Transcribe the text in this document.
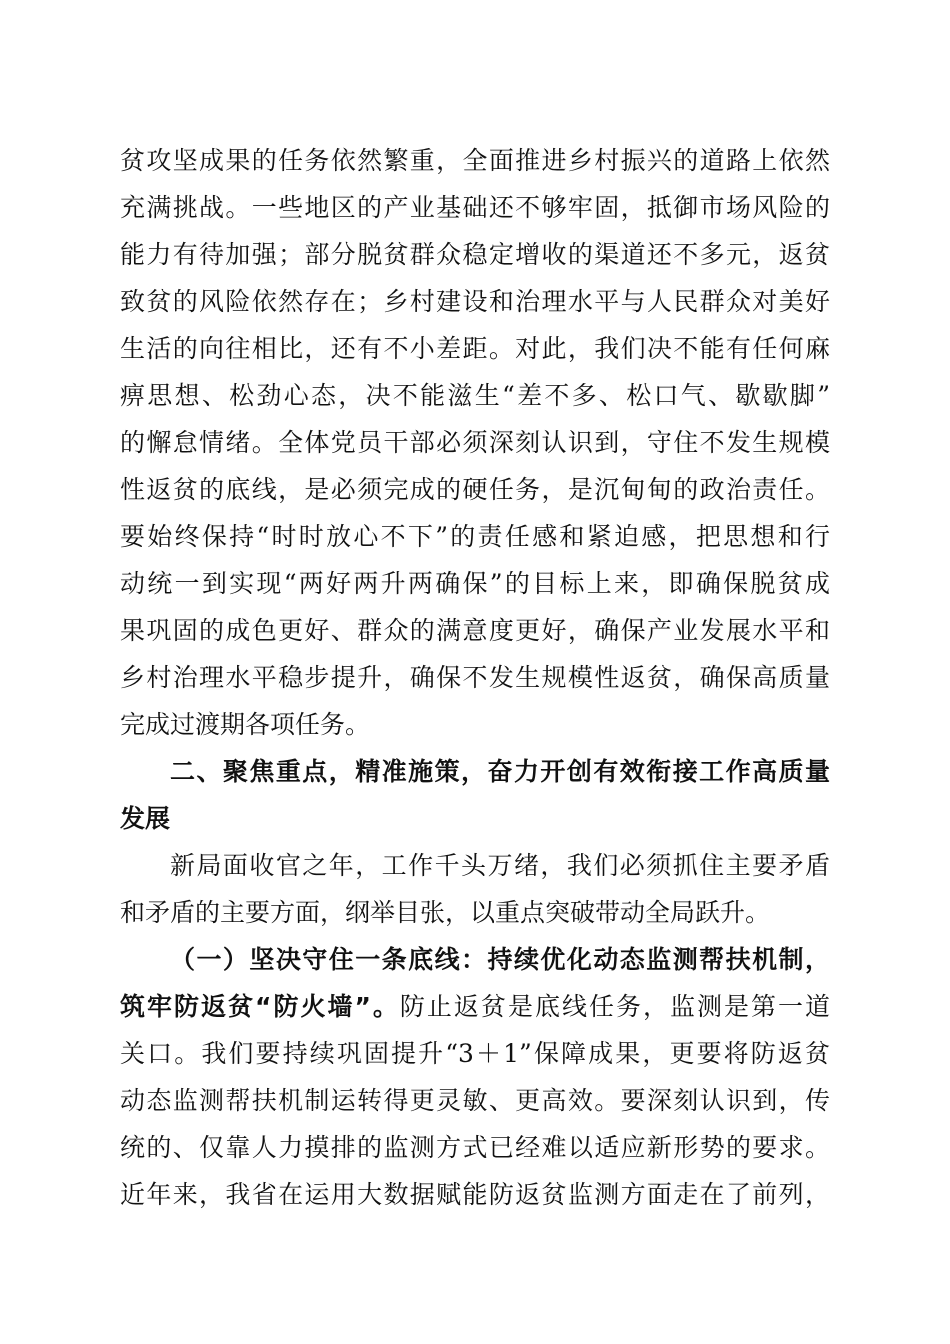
贫攻坚成果的任务依然繁重，全面推进乡村振兴的道路上依然
充满挑战。一些地区的产业基础还不够牢固，抵御市场风险的
能力有待加强；部分脱贫群众稳定增收的渠道还不多元，返贫
致贫的风险依然存在；乡村建设和治理水平与人民群众对美好
生活的向往相比，还有不小差距。对此，我们决不能有任何麻
痹思想、松劲心态，决不能滋生“差不多、松口气、歇歇脚”
的懈怠情绪。全体党员干部必须深刻认识到，守住不发生规模
性返贫的底线，是必须完成的硬任务，是沉甸甸的政治责任。
要始终保持“时时放心不下”的责任感和紧迫感，把思想和行
动统一到实现“两好两升两确保”的目标上来，即确保脱贫成
果巩固的成色更好、群众的满意度更好，确保产业发展水平和
乡村治理水平稳步提升，确保不发生规模性返贫，确保高质量
完成过渡期各项任务。
二、聚焦重点，精准施策，奋力开创有效衔接工作高质量
发展
新局面收官之年，工作千头万绪，我们必须抓住主要矛盾
和矛盾的主要方面，纲举目张，以重点突破带动全局跃升。
（一）坚决守住一条底线：持续优化动态监测帮扶机制，
筑牢防返贫“防火墙”。防止返贫是底线任务，监测是第一道
关口。我们要持续巩固提升“3＋1”保障成果，更要将防返贫
动态监测帮扶机制运转得更灵敏、更高效。要深刻认识到，传
统的、仅靠人力摸排的监测方式已经难以适应新形势的要求。
近年来，我省在运用大数据赋能防返贫监测方面走在了前列，
